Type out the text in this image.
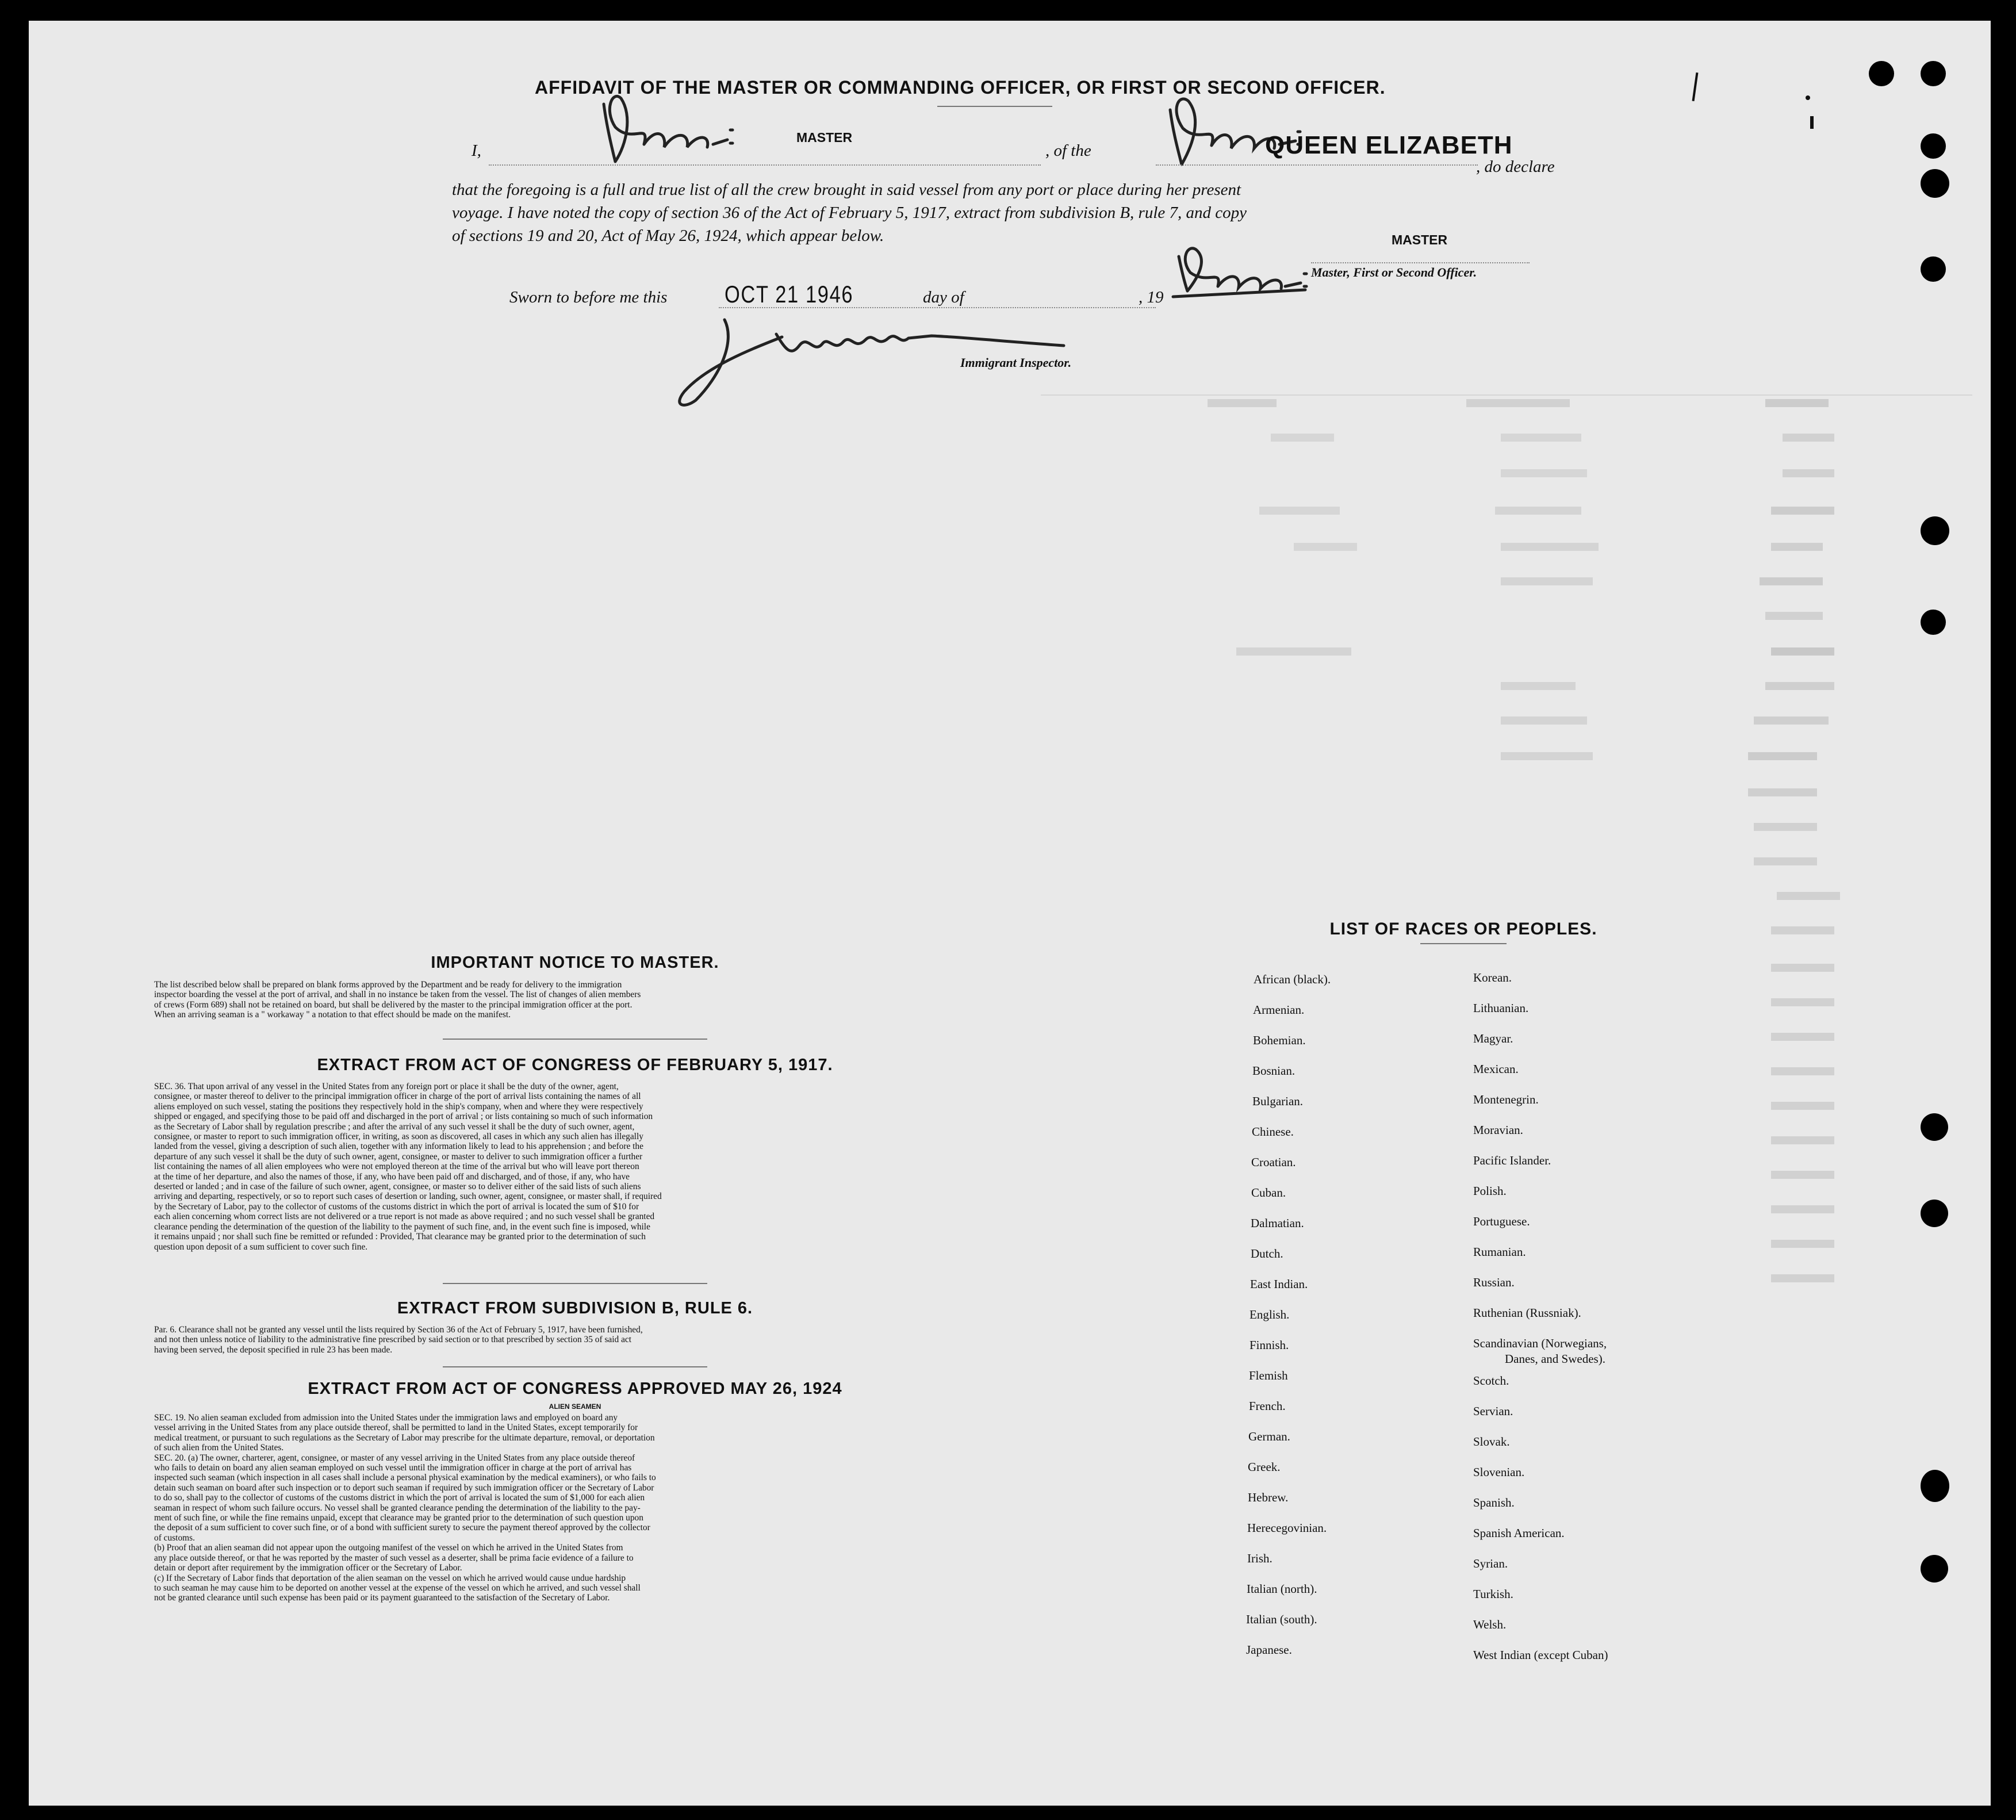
AFFIDAVIT OF THE MASTER OR COMMANDING OFFICER, OR FIRST OR SECOND OFFICER.
I,
MASTER
, of the	QUEEN ELIZABETH
, do declare
that the foregoing is a full and true list of all the crew brought in said vessel from any port or place during her present
voyage. I have noted the copy of section 36 of the Act of February 5, 1917, extract from subdivision B, rule 7, and copy
of sections 19 and 20, Act of May 26, 1924, which appear below.	MASTER
Master, First or Second Officer.
Sworn to before me this OCT 21 1946	day of	, 19
Immigrant Inspector.
IMPORTANT NOTICE TO MASTER.
The list described below shall be prepared on blank forms approved by the Department and be ready for delivery to the immigration
inspector boarding the vessel at the port of arrival, and shall in no instance be taken from the vessel. The list of changes of alien members
of crews (Form 689) shall not be retained on board, but shall be delivered by the master to the principal immigration officer at the port.
When an arriving seaman is a " workaway " a notation to that effect should be made on the manifest.
EXTRACT FROM ACT OF CONGRESS OF FEBRUARY 5, 1917.
SEC. 36. That upon arrival of any vessel in the United States from any foreign port or place it shall be the duty of the owner, agent,
consignee, or master thereof to deliver to the principal immigration officer in charge of the port of arrival lists containing the names of all
aliens employed on such vessel, stating the positions they respectively hold in the ship's company, when and where they were respectively
shipped or engaged, and specifying those to be paid off and discharged in the port of arrival ; or lists containing so much of such information
as the Secretary of Labor shall by regulation prescribe ; and after the arrival of any such vessel it shall be the duty of such owner, agent,
consignee, or master to report to such immigration officer, in writing, as soon as discovered, all cases in which any such alien has illegally
landed from the vessel, giving a description of such alien, together with any information likely to lead to his apprehension ; and before the
departure of any such vessel it shall be the duty of such owner, agent, consignee, or master to deliver to such immigration officer a further
list containing the names of all alien employees who were not employed thereon at the time of the arrival but who will leave port thereon
at the time of her departure, and also the names of those, if any, who have been paid off and discharged, and of those, if any, who have
deserted or landed ; and in case of the failure of such owner, agent, consignee, or master so to deliver either of the said lists of such aliens
arriving and departing, respectively, or so to report such cases of desertion or landing, such owner, agent, consignee, or master shall, if required
by the Secretary of Labor, pay to the collector of customs of the customs district in which the port of arrival is located the sum of $10 for
each alien concerning whom correct lists are not delivered or a true report is not made as above required ; and no such vessel shall be granted
clearance pending the determination of the question of the liability to the payment of such fine, and, in the event such fine is imposed, while
it remains unpaid ; nor shall such fine be remitted or refunded : Provided, That clearance may be granted prior to the determination of such
question upon deposit of a sum sufficient to cover such fine.
EXTRACT FROM SUBDIVISION B, RULE 6.
Par. 6. Clearance shall not be granted any vessel until the lists required by Section 36 of the Act of February 5, 1917, have been furnished,
and not then unless notice of liability to the administrative fine prescribed by said section or to that prescribed by section 35 of said act
having been served, the deposit specified in rule 23 has been made.
EXTRACT FROM ACT OF CONGRESS APPROVED MAY 26, 1924
ALIEN SEAMEN
SEC. 19. No alien seaman excluded from admission into the United States under the immigration laws and employed on board any
vessel arriving in the United States from any place outside thereof, shall be permitted to land in the United States, except temporarily for
medical treatment, or pursuant to such regulations as the Secretary of Labor may prescribe for the ultimate departure, removal, or deportation
of such alien from the United States.
SEC. 20. (a) The owner, charterer, agent, consignee, or master of any vessel arriving in the United States from any place outside thereof
who fails to detain on board any alien seaman employed on such vessel until the immigration officer in charge at the port of arrival has
inspected such seaman (which inspection in all cases shall include a personal physical examination by the medical examiners), or who fails to
detain such seaman on board after such inspection or to deport such seaman if required by such immigration officer or the Secretary of Labor
to do so, shall pay to the collector of customs of the customs district in which the port of arrival is located the sum of $1,000 for each alien
seaman in respect of whom such failure occurs. No vessel shall be granted clearance pending the determination of the liability to the pay-
ment of such fine, or while the fine remains unpaid, except that clearance may be granted prior to the determination of such question upon
the deposit of a sum sufficient to cover such fine, or of a bond with sufficient surety to secure the payment thereof approved by the collector
of customs.
(b) Proof that an alien seaman did not appear upon the outgoing manifest of the vessel on which he arrived in the United States from
any place outside thereof, or that he was reported by the master of such vessel as a deserter, shall be prima facie evidence of a failure to
detain or deport after requirement by the immigration officer or the Secretary of Labor.
(c) If the Secretary of Labor finds that deportation of the alien seaman on the vessel on which he arrived would cause undue hardship
to such seaman he may cause him to be deported on another vessel at the expense of the vessel on which he arrived, and such vessel shall
not be granted clearance until such expense has been paid or its payment guaranteed to the satisfaction of the Secretary of Labor.
LIST OF RACES OR PEOPLES.
African (black).
Armenian.
Bohemian.
Bosnian.
Bulgarian.
Chinese.
Croatian.
Cuban.
Dalmatian.
Dutch.
East Indian.
English.
Finnish.
Flemish
French.
German.
Greek.
Hebrew.
Herecegovinian.
Irish.
Italian (north).
Italian (south).
Japanese.
Korean.
Lithuanian.
Magyar.
Mexican.
Montenegrin.
Moravian.
Pacific Islander.
Polish.
Portuguese.
Rumanian.
Russian.
Ruthenian (Russniak).
Scandinavian (Norwegians,
Danes, and Swedes).
Scotch.
Servian.
Slovak.
Slovenian.
Spanish.
Spanish American.
Syrian.
Turkish.
Welsh.
West Indian (except Cuban)
